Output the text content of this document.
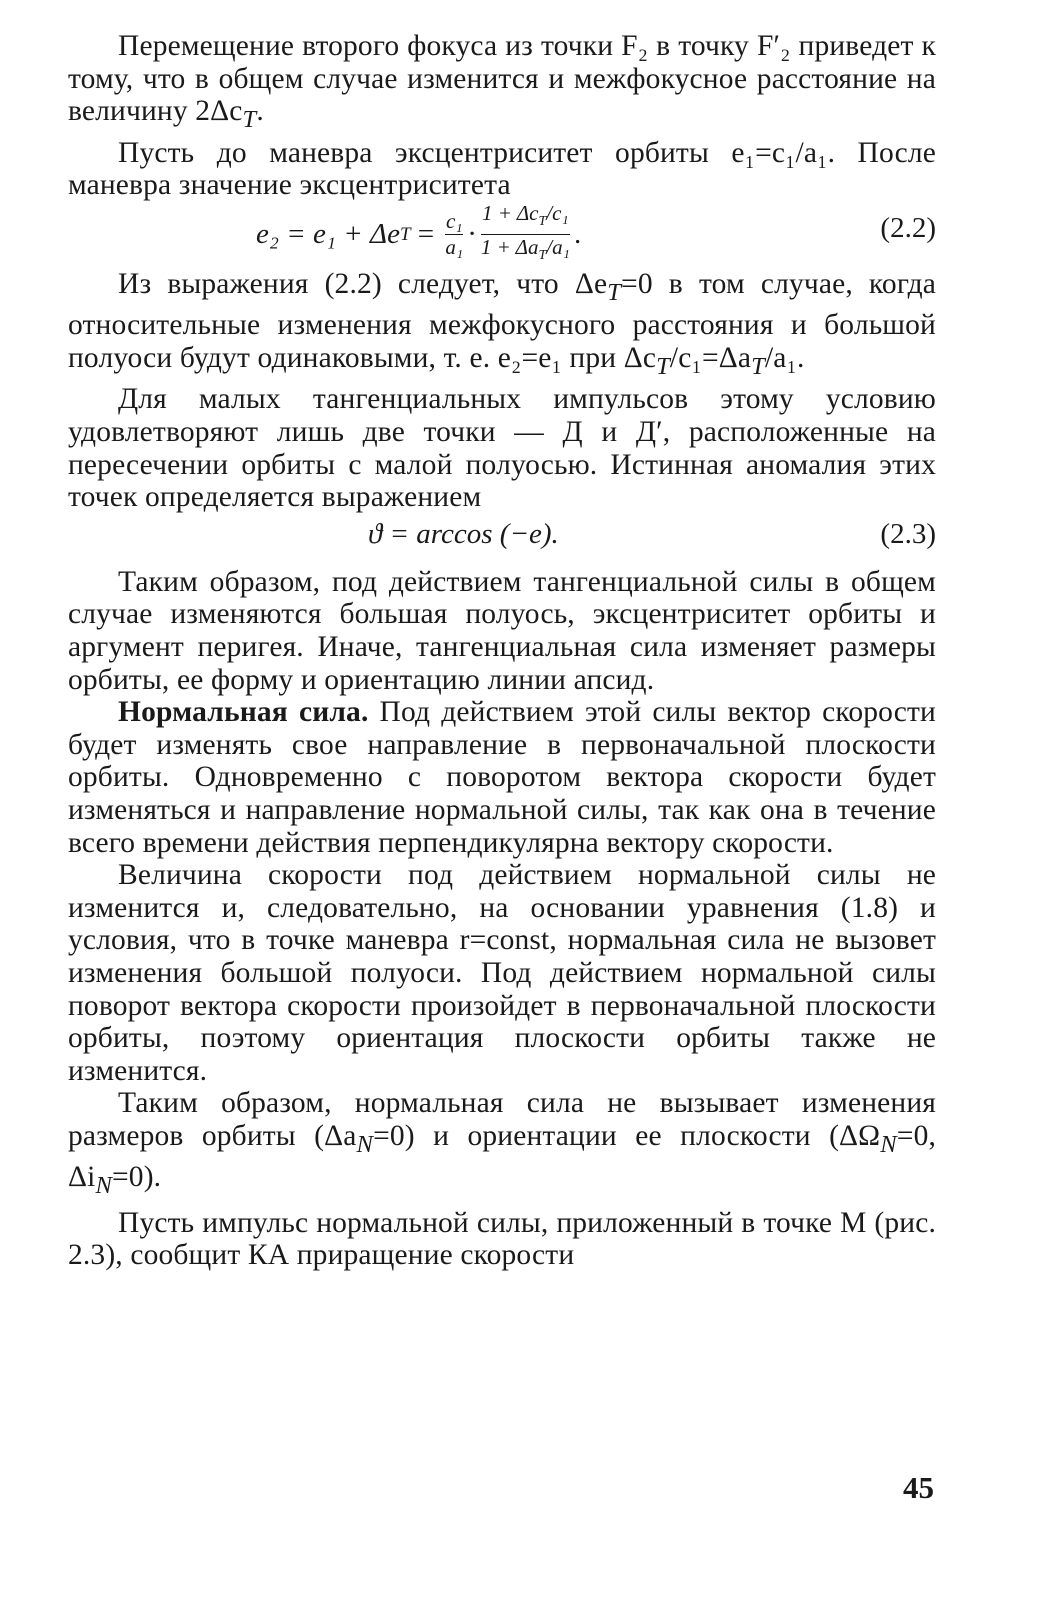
Перемещение второго фокуса из точки F₂ в точку F′₂ приведет к тому, что в общем случае изменится и межфокусное расстояние на величину $2\Delta c_T$.

Пусть до маневра эксцентриситет орбиты e₁=c₁/a₁. После маневра значение эксцентриситета

e₂ = e₁ + Δe $T = \frac{\text{c₁}}{\text{a₁}} \cdot \frac{1 + \Delta c_T/c_1}{1 + \Delta a_T/a_1}$ .	(2.2)

Из выражения (2.2) следует, что $\Delta e_T=0$ в том случае, когда относительные изменения межфокусного расстояния и большой полуоси будут одинаковыми, т. е. e₂=e₁ при $\Delta c_T/c_1=\Delta a_T/a_1$.

Для малых тангенциальных импульсов этому условию удовлетворяют лишь две точки — Д и Д′, расположенные на пересечении орбиты с малой полуосью. Истинная аномалия этих точек определяется выражением

ϑ = arccos (−e).	(2.3)

Таким образом, под действием тангенциальной силы в общем случае изменяются большая полуось, эксцентриситет орбиты и аргумент перигея. Иначе, тангенциальная сила изменяет размеры орбиты, ее форму и ориентацию линии апсид.

Нормальная сила. Под действием этой силы вектор скорости будет изменять свое направление в первоначальной плоскости орбиты. Одновременно с поворотом вектора скорости будет изменяться и направление нормальной силы, так как она в течение всего времени действия перпендикулярна вектору скорости.

Величина скорости под действием нормальной силы не изменится и, следовательно, на основании уравнения (1.8) и условия, что в точке маневра r=const, нормальная сила не вызовет изменения большой полуоси. Под действием нормальной силы поворот вектора скорости произойдет в первоначальной плоскости орбиты, поэтому ориентация плоскости орбиты также не изменится.

Таким образом, нормальная сила не вызывает изменения размеров орбиты $(\Delta a_N=0)$ и ориентации ее плоскости ($\Delta\Omega_N=0$, $\Delta i_N=0$).

Пусть импульс нормальной силы, приложенный в точке M (рис. 2.3), сообщит КА приращение скорости

45
